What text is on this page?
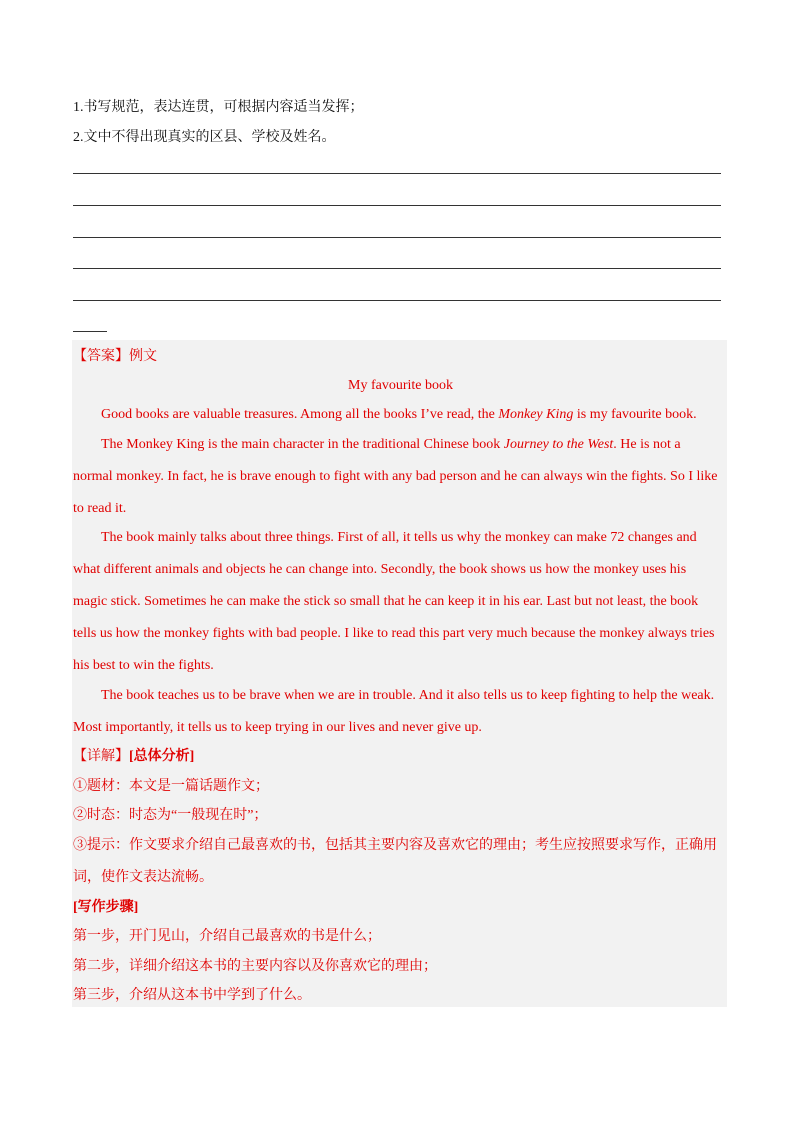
1.书写规范，表达连贯，可根据内容适当发挥；
2.文中不得出现真实的区县、学校及姓名。
【答案】例文
My favourite book
Good books are valuable treasures. Among all the books I’ve read, the Monkey King is my favourite book.
The Monkey King is the main character in the traditional Chinese book Journey to the West. He is not a
normal monkey. In fact, he is brave enough to fight with any bad person and he can always win the fights. So I like
to read it.
The book mainly talks about three things. First of all, it tells us why the monkey can make 72 changes and
what different animals and objects he can change into. Secondly, the book shows us how the monkey uses his
magic stick. Sometimes he can make the stick so small that he can keep it in his ear. Last but not least, the book
tells us how the monkey fights with bad people. I like to read this part very much because the monkey always tries
his best to win the fights.
The book teaches us to be brave when we are in trouble. And it also tells us to keep fighting to help the weak.
Most importantly, it tells us to keep trying in our lives and never give up.
【详解】[总体分析]
①题材：本文是一篇话题作文；
②时态：时态为“一般现在时”；
③提示：作文要求介绍自己最喜欢的书，包括其主要内容及喜欢它的理由；考生应按照要求写作，正确用
词，使作文表达流畅。
[写作步骤]
第一步，开门见山，介绍自己最喜欢的书是什么；
第二步，详细介绍这本书的主要内容以及你喜欢它的理由；
第三步，介绍从这本书中学到了什么。
